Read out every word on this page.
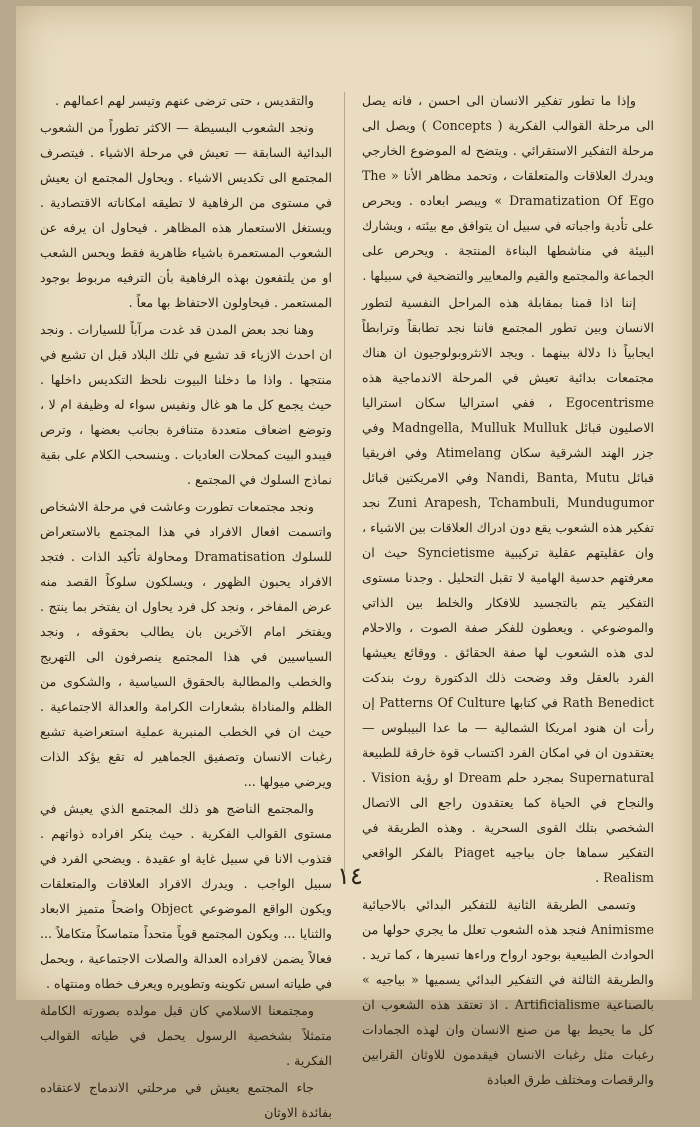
وإذا ما تطور تفكير الانسان الى احسن ، فانه يصل الى مرحلة القوالب الفكرية ( Concepts ) ويصل الى مرحلة التفكير الاستقرائي . ويتضح له الموضوع الخارجي ويدرك العلاقات والمتعلقات ، وتحمد مظاهر الأنا « The Dramatization Of Ego » ويبصر ابعاده . ويحرص على تأدية واجباته في سبيل ان يتوافق مع بيئته ، ويشارك البيئة في مناشطها البناءة المنتجة . ويحرص على الجماعة والمجتمع والقيم والمعايير والتضحية في سبيلها .

إننا اذا قمنا بمقابلة هذه المراحل النفسية لتطور الانسان وبين تطور المجتمع فاننا نجد تطابقاً وترابطاً ايجابياً ذا دلالة بينهما . ويجد الانثروبولوجيون ان هناك مجتمعات بدائية تعيش في المرحلة الاندماجية هذه Egocentrisme ، ففي استراليا سكان استراليا الاصليون قبائل Madngella, Mulluk Mulluk وفي جزر الهند الشرقية سكان Atimelang وفي افريقيا قبائل Nandi, Banta, Mutu وفي الامريكتين قبائل Zuni Arapesh, Tchambuli, Mundugumor نجد تفكير هذه الشعوب يقع دون ادراك العلاقات بين الاشياء ، وان عقليتهم عقلية تركيبية Syncietisme حيث ان معرفتهم حدسية الهامية لا تقبل التحليل . وجدنا مستوى التفكير يتم بالتجسيد للافكار والخلط بين الذاتي والموضوعي . ويعطون للفكر صفة الصوت ، والاحلام لدى هذه الشعوب لها صفة الحقائق . ووقائع يعيشها الفرد بالعقل وقد وضحت ذلك الدكتورة روث بندكت Rath Benedict في كتابها Patterns Of Culture إن رأت ان هنود امريكا الشمالية — ما عدا البيبلوس — يعتقدون ان في امكان الفرد اكتساب قوة خارقة للطبيعة Supernatural بمجرد حلم Dream او رؤية Vision . والنجاح في الحياة كما يعتقدون راجع الى الاتصال الشخصي بتلك القوى السحرية . وهذه الطريقة في التفكير سماها جان بياجيه Piaget بالفكر الواقعي Realism .

وتسمى الطريقة الثانية للتفكير البدائي بالاحيائية Animisme فنجد هذه الشعوب تعلل ما يجري حولها من الحوادث الطبيعية بوجود ارواح وراءها تسيرها ، كما تريد . والطريقة الثالثة في التفكير البدائي يسميها « بياجيه » بالصناعية Artificialisme . اذ تعتقد هذه الشعوب ان كل ما يحيط بها من صنع الانسان وان لهذه الجمادات رغبات مثل رغبات الانسان فيقدمون للاوثان القرابين والرقصات ومختلف طرق العبادة

والتقديس ، حتى ترضى عنهم وتيسر لهم اعمالهم .

ونجد الشعوب البسيطة — الاكثر تطوراً من الشعوب البدائية السابقة — تعيش في مرحلة الاشياء . فيتصرف المجتمع الى تكديس الاشياء . ويحاول المجتمع ان يعيش في مستوى من الرفاهية لا تطيقه امكاناته الاقتصادية . ويستغل الاستعمار هذه المظاهر . فيحاول ان يرفه عن الشعوب المستعمرة باشياء ظاهرية فقط ويحس الشعب او من يلتفعون بهذه الرفاهية بأن الترفيه مربوط بوجود المستعمر . فيحاولون الاحتفاظ بها معاً .

وهنا نجد بعض المدن قد غدت مرآباً للسيارات . ونجد ان احدث الازياء قد تشيع في تلك البلاد قبل ان تشيع في منتجها . واذا ما دخلنا البيوت نلحظ التكديس داخلها . حيث يجمع كل ما هو غال ونفيس سواء له وظيفة ام لا ، وتوضع اضعاف متعددة متنافرة بجانب بعضها ، وترص فيبدو البيت كمحلات العاديات . وينسحب الكلام على بقية نماذج السلوك في المجتمع .

ونجد مجتمعات تطورت وعاشت في مرحلة الاشخاص واتسمت افعال الافراد في هذا المجتمع بالاستعراض للسلوك Dramatisation ومحاولة تأكيد الذات . فتجد الافراد يحبون الظهور ، ويسلكون سلوكاً القصد منه عرض المفاخر ، ونجد كل فرد يحاول ان يفتخر بما ينتج . ويفتخر امام الآخرين بان يطالب بحقوقه ، ونجد السياسيين في هذا المجتمع ينصرفون الى التهريج والخطب والمطالبة بالحقوق السياسية ، والشكوى من الظلم والمناداة بشعارات الكرامة والعدالة الاجتماعية . حيث ان في الخطب المنبرية عملية استعراضية تشبع رغبات الانسان وتصفيق الجماهير له تقع يؤكد الذات ويرضي ميولها ...

والمجتمع الناضج هو ذلك المجتمع الذي يعيش في مستوى القوالب الفكرية . حيث ينكر افراده ذواتهم . فتذوب الانا في سبيل غاية او عقيدة . ويضحي الفرد في سبيل الواجب . ويدرك الافراد العلاقات والمتعلقات ويكون الواقع الموضوعي Object واضحاً متميز الابعاد والثنايا ... ويكون المجتمع قوياً متحداً متماسكاً متكاملاً ... فعالاً يضمن لافراده العدالة والصلات الاجتماعية ، ويحمل في طياته اسس تكوينه وتطويره ويعرف خطاه ومنتهاه .

ومجتمعنا الاسلامي كان قبل مولده بصورته الكاملة متمثلاً بشخصية الرسول يحمل في طياته القوالب الفكرية .

جاء المجتمع يعيش في مرحلتي الاندماج لاعتقاده بفائدة الاوثان

١٤
